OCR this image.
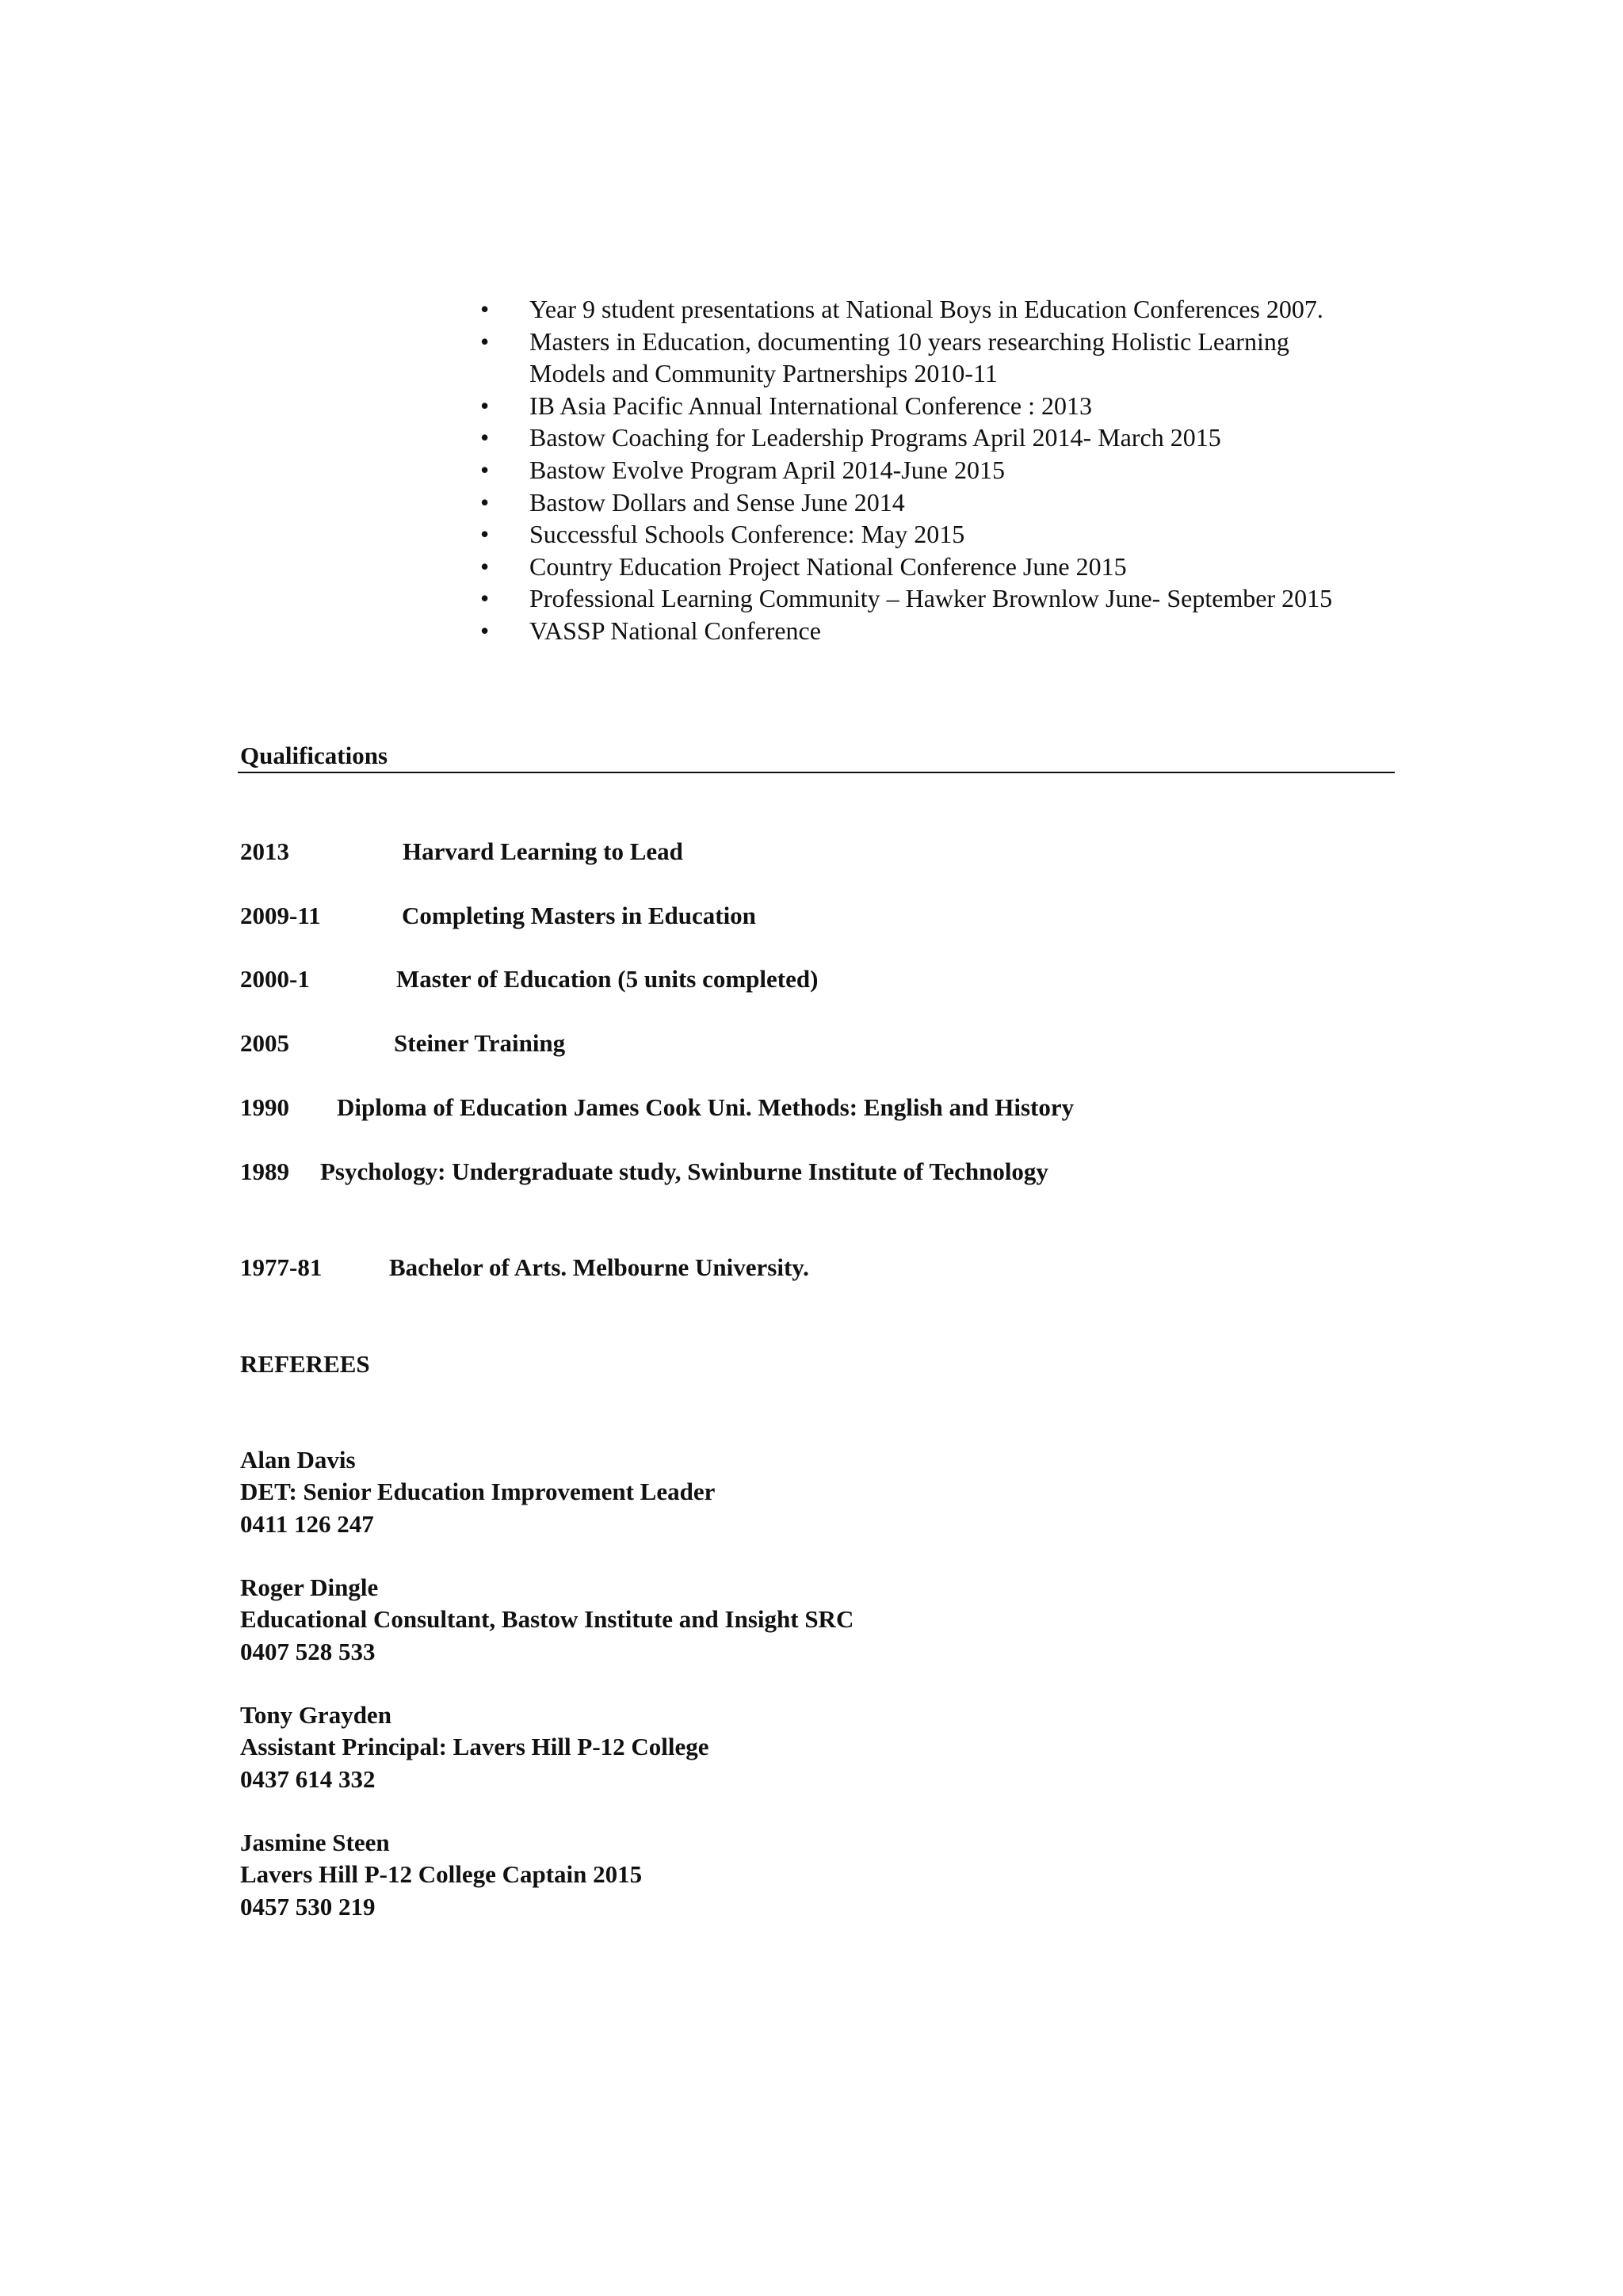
• Year 9 student presentations at National Boys in Education Conferences 2007.
• Masters in Education, documenting 10 years researching Holistic Learning
Models and Community Partnerships 2010-11
• IB Asia Pacific Annual International Conference : 2013
• Bastow Coaching for Leadership Programs April 2014- March 2015
• Bastow Evolve Program April 2014-June 2015
• Bastow Dollars and Sense June 2014
• Successful Schools Conference: May 2015
• Country Education Project National Conference June 2015
• Professional Learning Community – Hawker Brownlow June- September 2015
• VASSP National Conference
Qualifications
2013	Harvard Learning to Lead
2009-11	Completing Masters in Education
2000-1	Master of Education (5 units completed)
2005	Steiner Training
1990 Diploma of Education James Cook Uni. Methods: English and History
1989 Psychology: Undergraduate study, Swinburne Institute of Technology
1977-81	Bachelor of Arts. Melbourne University.
REFEREES
Alan Davis
DET: Senior Education Improvement Leader
0411 126 247
Roger Dingle
Educational Consultant, Bastow Institute and Insight SRC
0407 528 533
Tony Grayden
Assistant Principal: Lavers Hill P-12 College
0437 614 332
Jasmine Steen
Lavers Hill P-12 College Captain 2015
0457 530 219
